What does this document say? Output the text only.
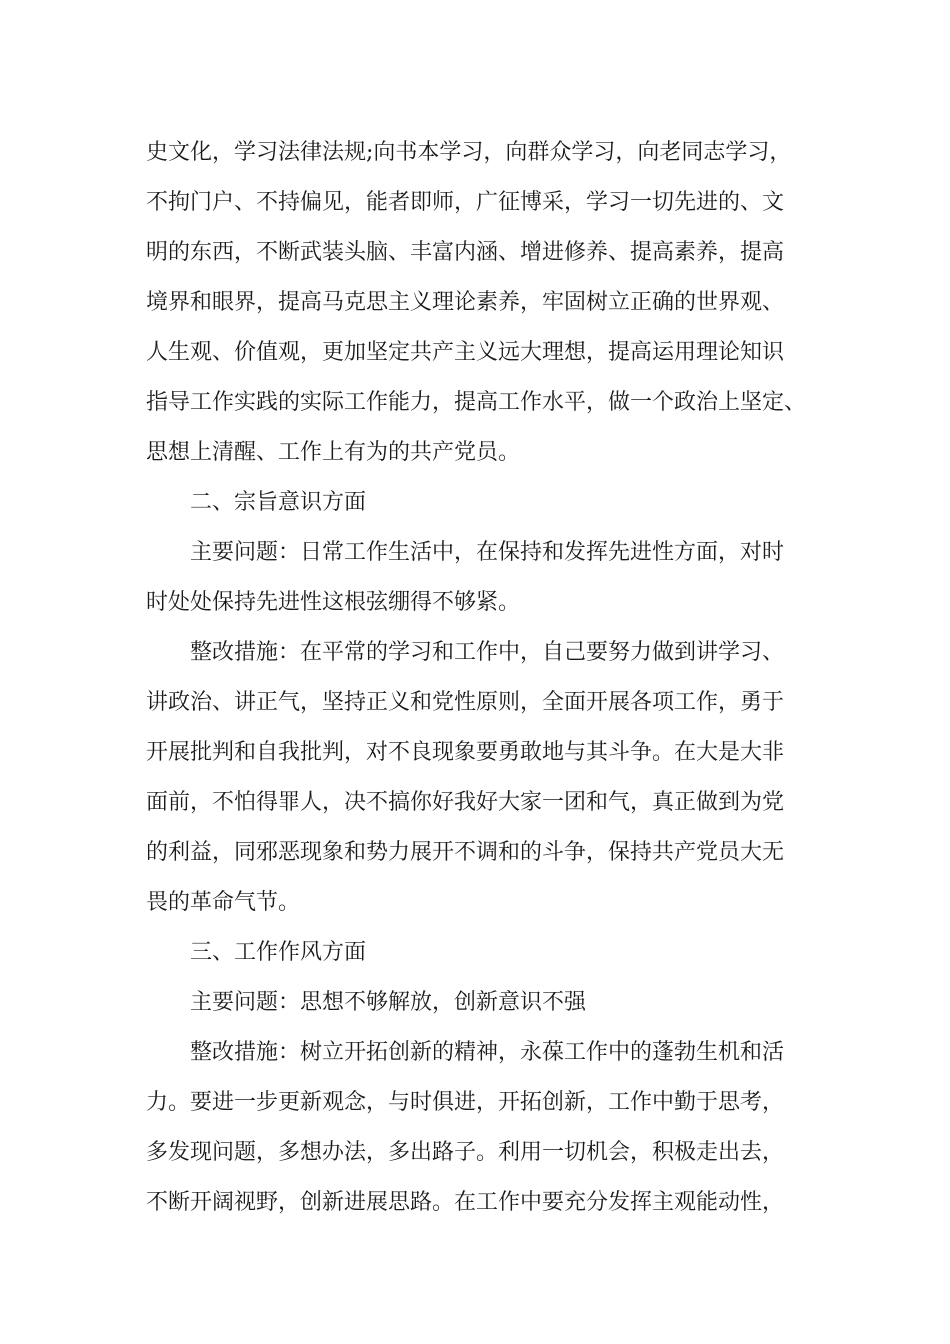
史文化，学习法律法规;向书本学习，向群众学习，向老同志学习，
不拘门户、不持偏见，能者即师，广征博采，学习一切先进的、文
明的东西，不断武装头脑、丰富内涵、增进修养、提高素养，提高
境界和眼界，提高马克思主义理论素养，牢固树立正确的世界观、
人生观、价值观，更加坚定共产主义远大理想，提高运用理论知识
指导工作实践的实际工作能力，提高工作水平，做一个政治上坚定、
思想上清醒、工作上有为的共产党员。
二、宗旨意识方面
主要问题：日常工作生活中，在保持和发挥先进性方面，对时
时处处保持先进性这根弦绷得不够紧。
整改措施：在平常的学习和工作中，自己要努力做到讲学习、
讲政治、讲正气，坚持正义和党性原则，全面开展各项工作，勇于
开展批判和自我批判，对不良现象要勇敢地与其斗争。在大是大非
面前，不怕得罪人，决不搞你好我好大家一团和气，真正做到为党
的利益，同邪恶现象和势力展开不调和的斗争，保持共产党员大无
畏的革命气节。
三、工作作风方面
主要问题：思想不够解放，创新意识不强
整改措施：树立开拓创新的精神，永葆工作中的蓬勃生机和活
力。要进一步更新观念，与时俱进，开拓创新，工作中勤于思考，
多发现问题，多想办法，多出路子。利用一切机会，积极走出去，
不断开阔视野，创新进展思路。在工作中要充分发挥主观能动性，
